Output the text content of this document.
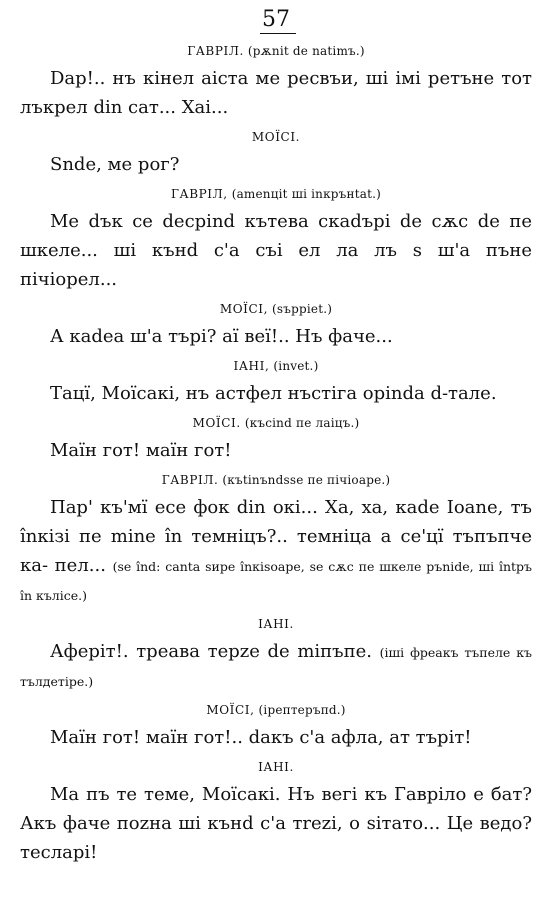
57
ГАВРІЛ. (рѫnit de natimъ.)

Dар!.. нъ кінел аіста ме ресвъи, ші імі ретъне тот лъкрел din сат... Хаі...

МОЇСІ.

Ѕnde, ме рог?

ГАВРІЛ, (amenцit ші inкрънtat.)

Ме dък се deсрind кътева скаdъpi de сѫс de пе шкеле... ші кънd с'а съі ел ла лъ s ш'а пъне пічіорел...

МОЇСІ, (sърріеt.)

А каdеа ш'а тъpi? аї веї!.. Нъ фаче...

ІАНІ, (invet.)

Тацї, Моїсакі, нъ астфел нъстіга оріndа d-тале.

МОЇСІ. (късіnd пе лаіцъ.)

Маїн гот! маїн гот!

ГАВРІЛ. (къtinъndsse пе пічіоаре.)

Пар' къ'мї есе фок din окі... Ха, ха, каdе Ioane, тъ înкізі пе mine în темніцъ?.. темніца a се'цї тъпъпче ка- пел... (se înd: canta sире înкіsоаре, se сѫс пе шкеле ръnide, ші întръ în кълісе.)

ІАНІ.

Аферіт!. треава терzе de mіпъпе. (іші фреакъ тъпеле къ тълдетіре.)

МОЇСІ, (ірептеръпd.)

Маїн гот! маїн гот!.. dакъ с'а афла, ат тъpiт!

ІАНІ.

Ма пъ те теме, Моїсакі. Нъ вегі къ Гаврілo e бат? Акъ фаче поzна ші кънd с'а тrеzі, o sітато... Це ведо? тесларі!
